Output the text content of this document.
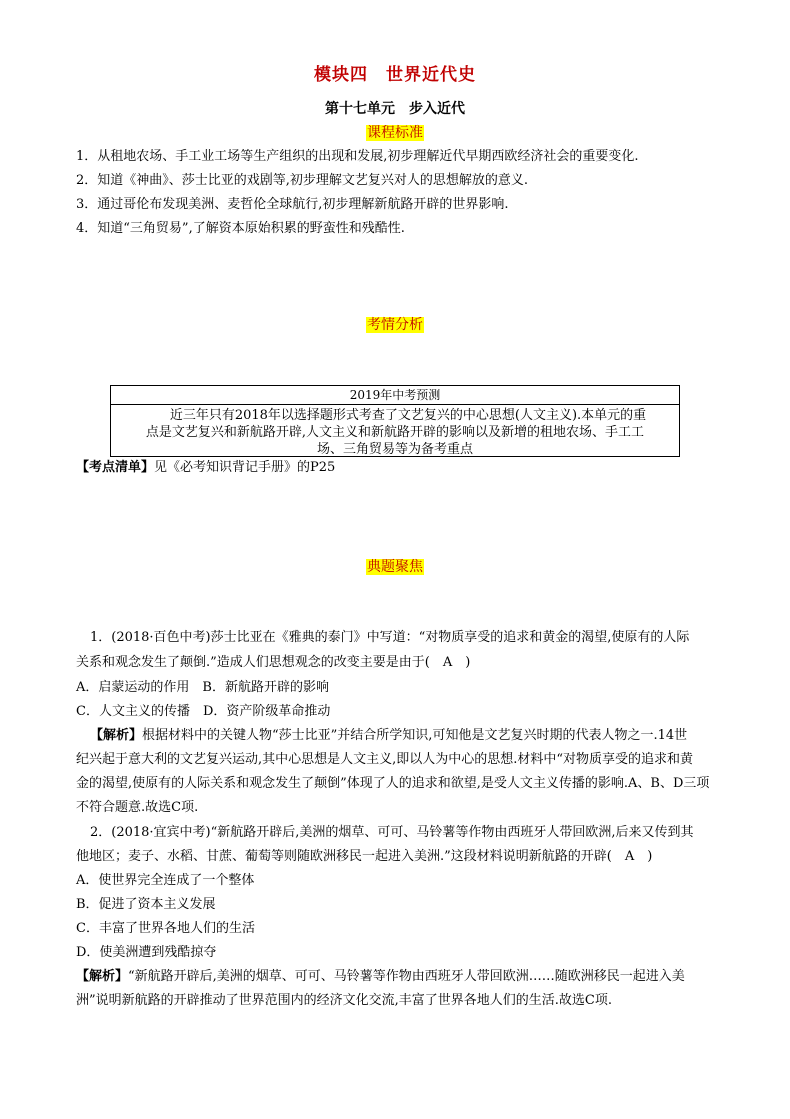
模块四　世界近代史
第十七单元　步入近代
课程标准
1．从租地农场、手工业工场等生产组织的出现和发展,初步理解近代早期西欧经济社会的重要变化.
2．知道《神曲》、莎士比亚的戏剧等,初步理解文艺复兴对人的思想解放的意义.
3．通过哥伦布发现美洲、麦哲伦全球航行,初步理解新航路开辟的世界影响.
4．知道“三角贸易”,了解资本原始积累的野蛮性和残酷性.
考情分析
2019年中考预测
近三年只有2018年以选择题形式考查了文艺复兴的中心思想(人文主义).本单元的重
点是文艺复兴和新航路开辟,人文主义和新航路开辟的影响以及新增的租地农场、手工工
场、三角贸易等为备考重点
【考点清单】见《必考知识背记手册》的P25
典题聚焦
1．(2018·百色中考)莎士比亚在《雅典的泰门》中写道：“对物质享受的追求和黄金的渴望,使原有的人际
关系和观念发生了颠倒.”造成人们思想观念的改变主要是由于(　A　)
A．启蒙运动的作用　B．新航路开辟的影响
C．人文主义的传播　D．资产阶级革命推动
【解析】根据材料中的关键人物“莎士比亚”并结合所学知识,可知他是文艺复兴时期的代表人物之一.14世
纪兴起于意大利的文艺复兴运动,其中心思想是人文主义,即以人为中心的思想.材料中“对物质享受的追求和黄
金的渴望,使原有的人际关系和观念发生了颠倒”体现了人的追求和欲望,是受人文主义传播的影响.A、B、D三项
不符合题意.故选C项.
2．(2018·宜宾中考)“新航路开辟后,美洲的烟草、可可、马铃薯等作物由西班牙人带回欧洲,后来又传到其
他地区；麦子、水稻、甘蔗、葡萄等则随欧洲移民一起进入美洲.”这段材料说明新航路的开辟(　A　)
A．使世界完全连成了一个整体
B．促进了资本主义发展
C．丰富了世界各地人们的生活
D．使美洲遭到残酷掠夺
【解析】“新航路开辟后,美洲的烟草、可可、马铃薯等作物由西班牙人带回欧洲……随欧洲移民一起进入美
洲”说明新航路的开辟推动了世界范围内的经济文化交流,丰富了世界各地人们的生活.故选C项.
